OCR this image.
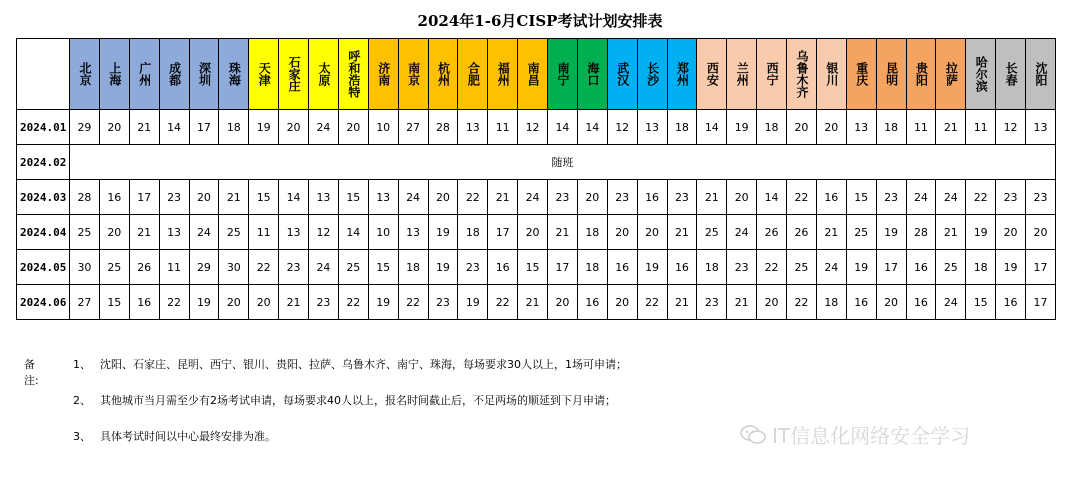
2024年1-6月CISP考试计划安排表
	北京	上海	广州	成都	深圳	珠海	天津	石家庄	太原	呼和浩特	济南	南京	杭州	合肥	福州	南昌	南宁	海口	武汉	长沙	郑州	西安	兰州	西宁	乌鲁木齐	银川	重庆	昆明	贵阳	拉萨	哈尔滨	长春	沈阳
2024.01	29	20	21	14	17	18	19	20	24	20	10	27	28	13	11	12	14	14	12	13	18	14	19	18	20	20	13	18	11	21	11	12	13
2024.02	随班																																
2024.03	28	16	17	23	20	21	15	14	13	15	13	24	20	22	21	24	23	20	23	16	23	21	20	14	22	16	15	23	24	24	22	23	23
2024.04	25	20	21	13	24	25	11	13	12	14	10	13	19	18	17	20	21	18	20	20	21	25	24	26	26	21	25	19	28	21	19	20	20
2024.05	30	25	26	11	29	30	22	23	24	25	15	18	19	23	16	15	17	18	16	19	16	18	23	22	25	24	19	17	16	25	18	19	17
2024.06	27	15	16	22	19	20	20	21	23	22	19	22	23	19	22	21	20	16	20	22	21	23	21	20	22	18	16	20	16	24	15	16	17
备注:
1、 沈阳、石家庄、昆明、西宁、银川、贵阳、拉萨、乌鲁木齐、南宁、珠海，每场要求30人以上，1场可申请；
2、 其他城市当月需至少有2场考试申请，每场要求40人以上，报名时间截止后，不足两场的顺延到下月申请；
3、 具体考试时间以中心最终安排为准。	IT信息化网络安全学习
